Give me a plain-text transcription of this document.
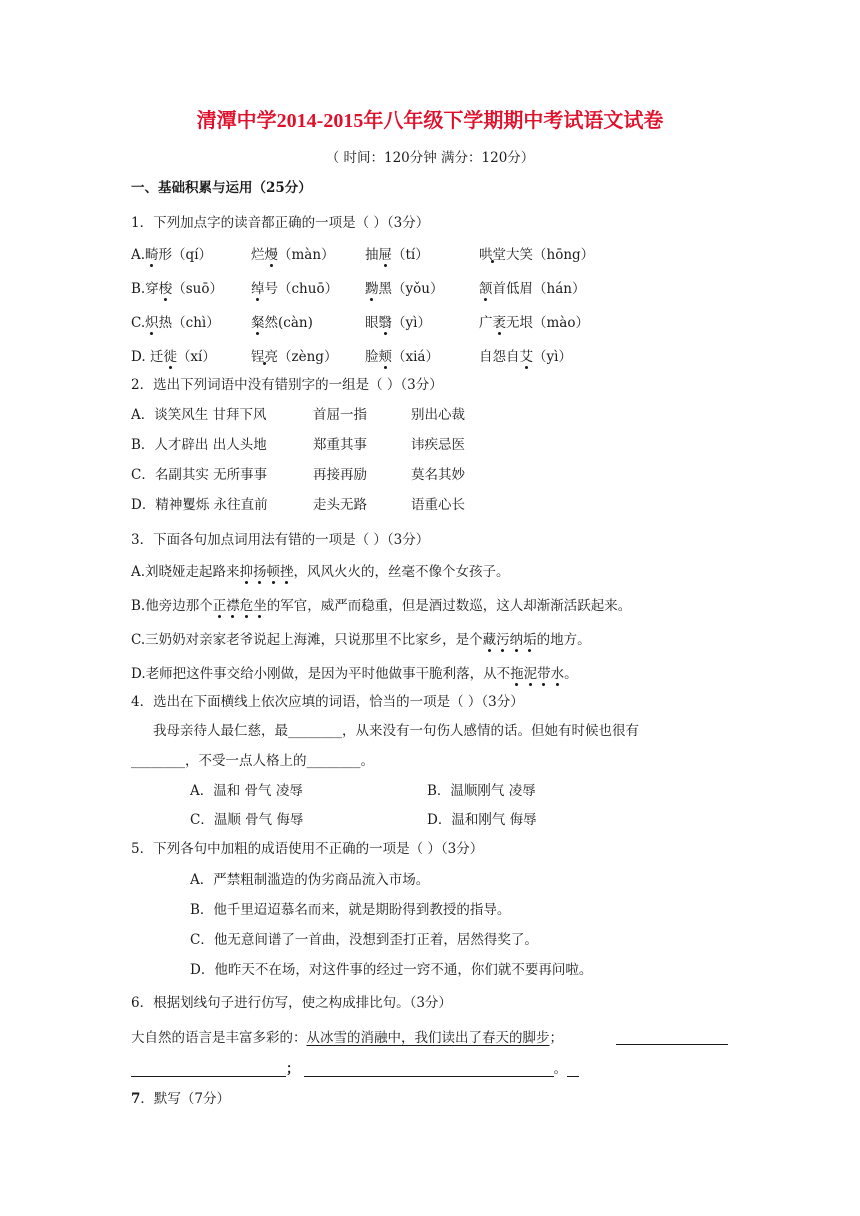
清潭中学2014-2015年八年级下学期期中考试语文试卷
（ 时间：120分钟 满分：120分）
一、基础积累与运用（25分）
1．下列加点字的读音都正确的一项是（ ）（3分）
A.畸形（qí）	烂熳（màn） 抽屉（tí）	哄堂大笑（hōng）
B.穿梭（suō） 绰号（chuō） 黝黑（yǒu）	颔首低眉（hán）
C.炽热（chì） 粲然(càn)	眼翳（yì）	广袤无垠（mào）
D. 迁徙（xí）	锃亮（zèng） 脸颊（xiá）	自怨自艾（yì）
2．选出下列词语中没有错别字的一组是（ ）（3分）
A．谈笑风生 甘拜下风	首屈一指	别出心裁
B．人才辟出 出人头地	郑重其事	讳疾忌医
C．名副其实 无所事事	再接再励	莫名其妙
D．精神矍烁 永往直前	走头无路	语重心长
3．下面各句加点词用法有错的一项是（ ）（3分）
A.刘晓娅走起路来抑扬顿挫，风风火火的，丝毫不像个女孩子。
B.他旁边那个正襟危坐的军官，威严而稳重，但是酒过数巡，这人却渐渐活跃起来。
C.三奶奶对亲家老爷说起上海滩，只说那里不比家乡，是个藏污纳垢的地方。
D.老师把这件事交给小刚做，是因为平时他做事干脆利落，从不拖泥带水。
4．选出在下面横线上依次应填的词语，恰当的一项是（ ）（3分）
我母亲待人最仁慈，最________，从来没有一句伤人感情的话。但她有时候也很有
________，不受一点人格上的________。
A．温和 骨气 凌辱	B．温顺刚气 凌辱
C．温顺 骨气 侮辱	D．温和刚气 侮辱
5．下列各句中加粗的成语使用不正确的一项是（ ）（3分）
A．严禁粗制滥造的伪劣商品流入市场。
B．他千里迢迢慕名而来，就是期盼得到教授的指导。
C．他无意间谱了一首曲，没想到歪打正着，居然得奖了。
D．他昨天不在场，对这件事的经过一窍不通，你们就不要再问啦。
6．根据划线句子进行仿写，使之构成排比句。（3分）
大自然的语言是丰富多彩的：从冰雪的消融中，我们读出了春天的脚步；
；	。
7．默写（7分）
